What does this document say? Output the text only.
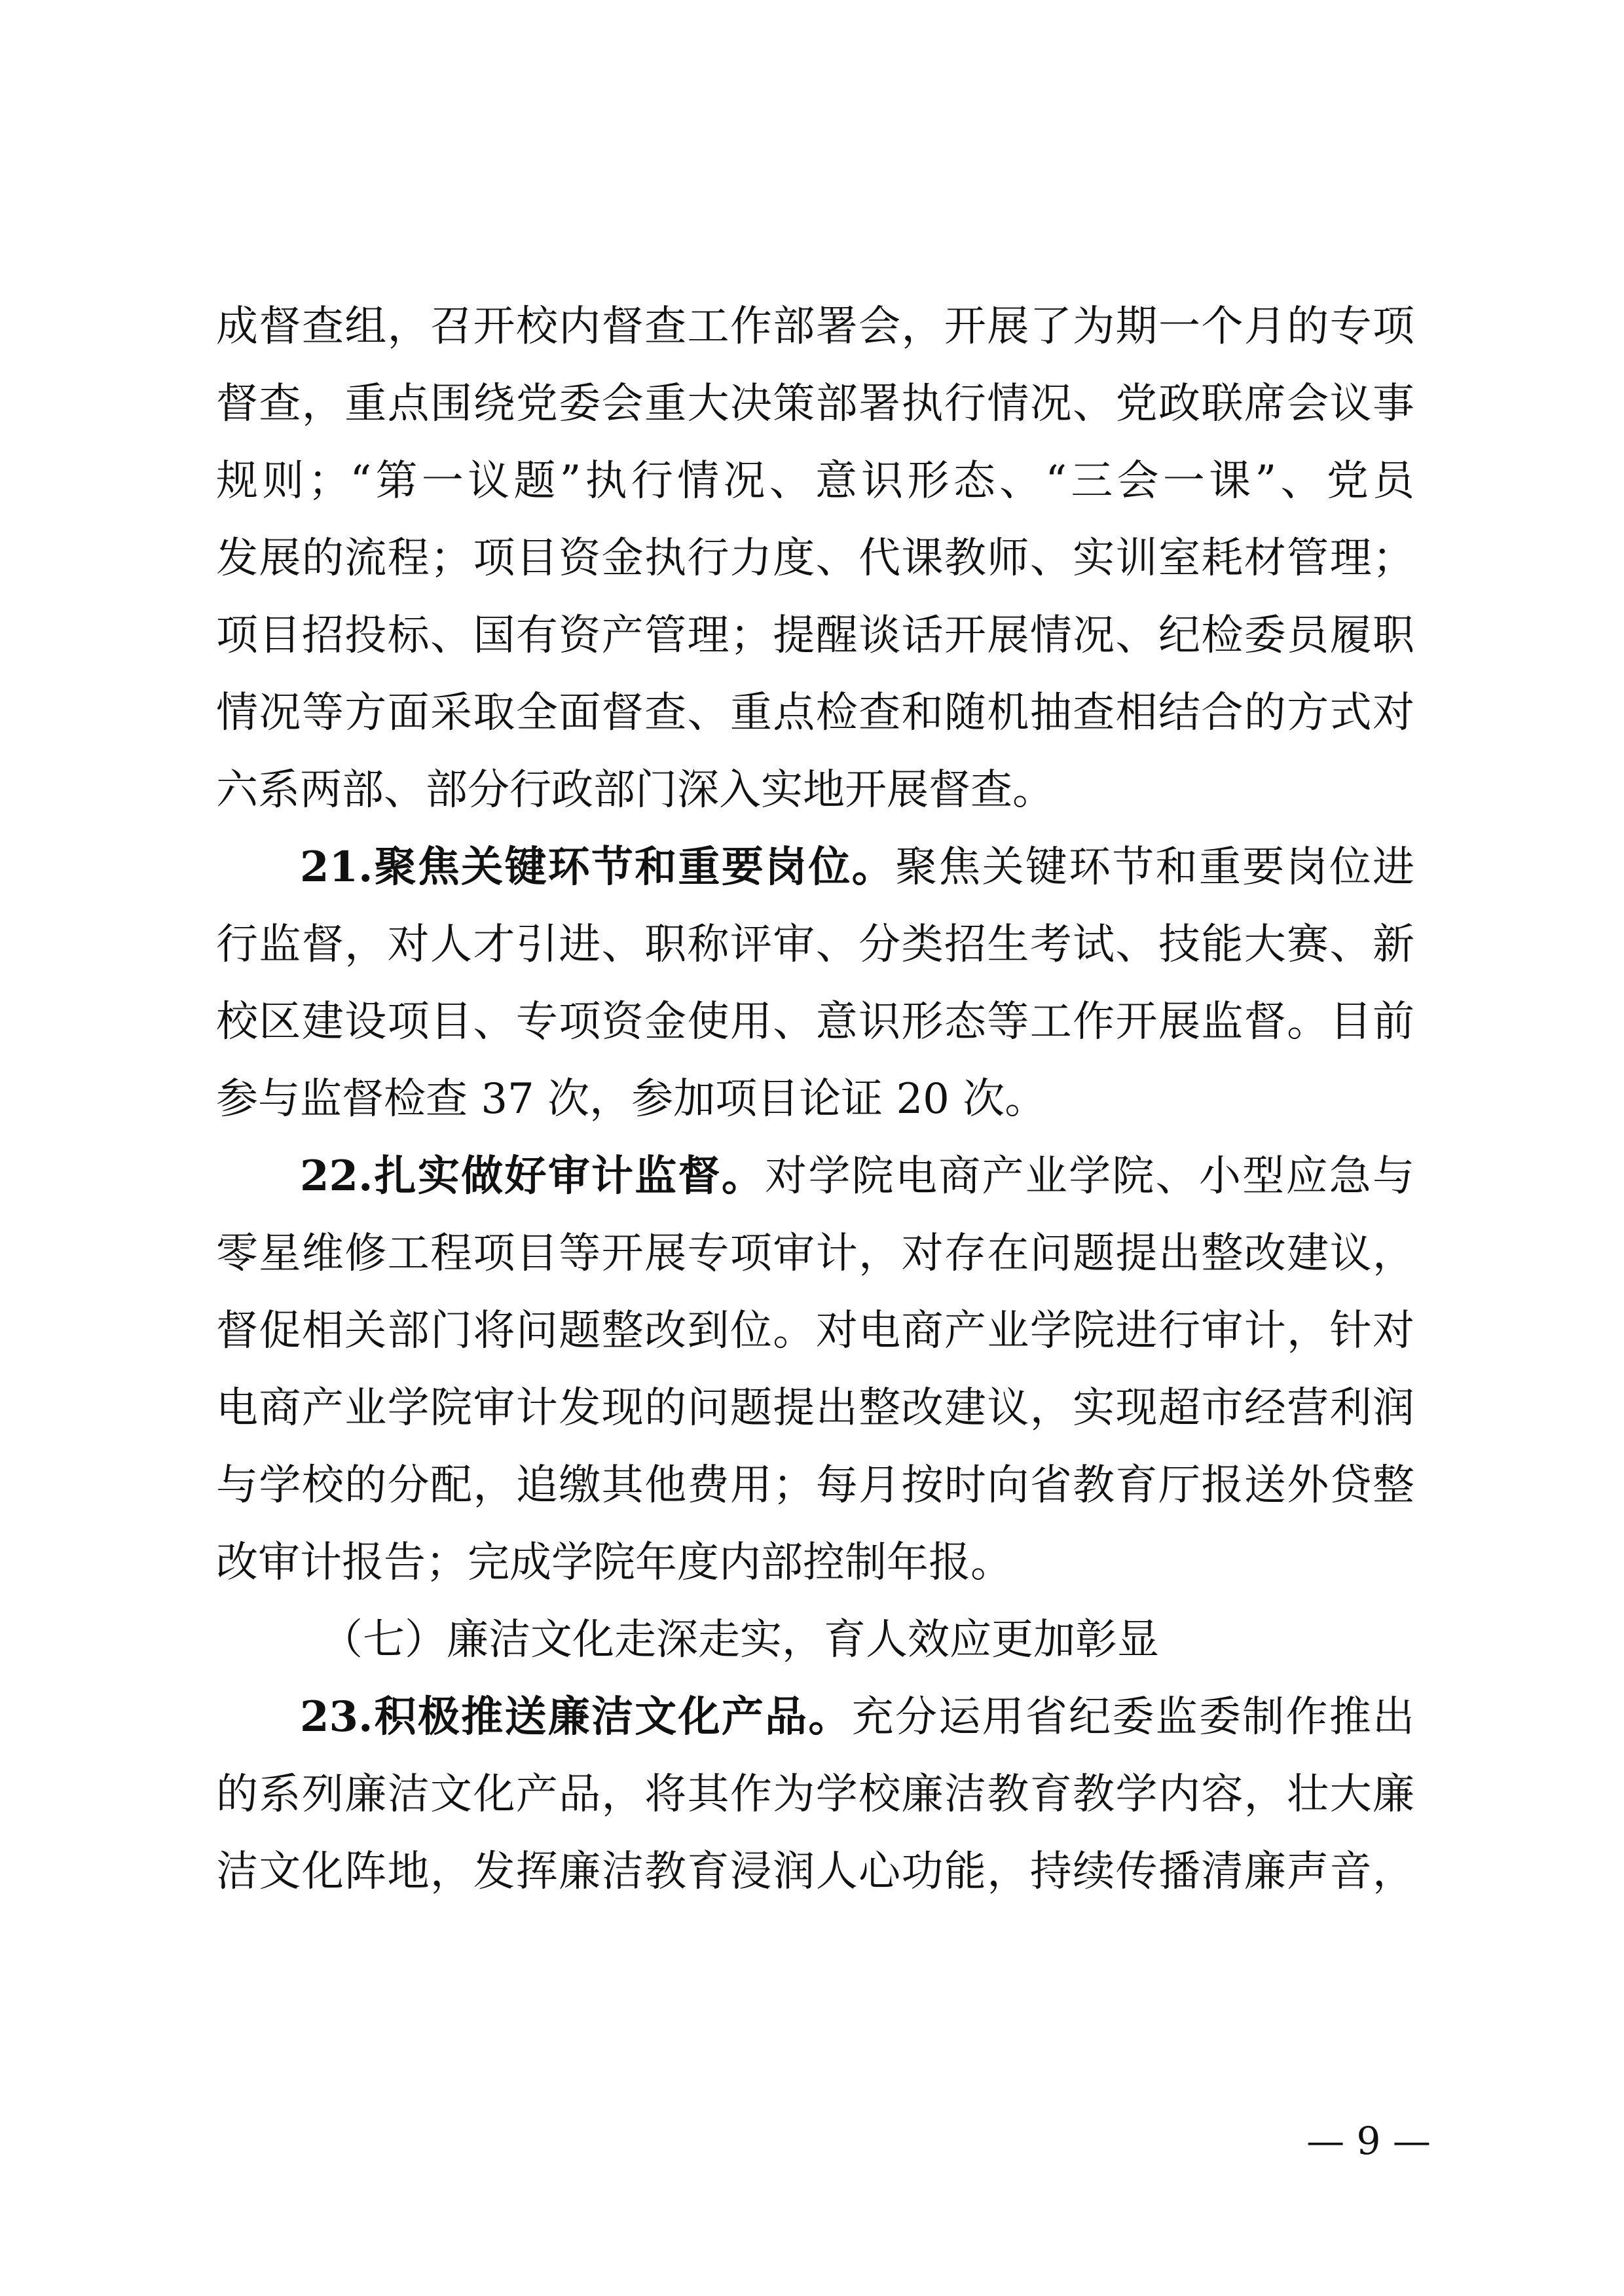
成督查组，召开校内督查工作部署会，开展了为期一个月的专项
督查，重点围绕党委会重大决策部署执行情况、党政联席会议事
规则；“第一议题”执行情况、意识形态、“三会一课”、党员
发展的流程；项目资金执行力度、代课教师、实训室耗材管理；
项目招投标、国有资产管理；提醒谈话开展情况、纪检委员履职
情况等方面采取全面督查、重点检查和随机抽查相结合的方式对
六系两部、部分行政部门深入实地开展督查。
21.聚焦关键环节和重要岗位。聚焦关键环节和重要岗位进
行监督，对人才引进、职称评审、分类招生考试、技能大赛、新
校区建设项目、专项资金使用、意识形态等工作开展监督。目前
参与监督检查 37 次，参加项目论证 20 次。
22.扎实做好审计监督。对学院电商产业学院、小型应急与
零星维修工程项目等开展专项审计，对存在问题提出整改建议，
督促相关部门将问题整改到位。对电商产业学院进行审计，针对
电商产业学院审计发现的问题提出整改建议，实现超市经营利润
与学校的分配，追缴其他费用；每月按时向省教育厅报送外贷整
改审计报告；完成学院年度内部控制年报。
（七）廉洁文化走深走实，育人效应更加彰显
23.积极推送廉洁文化产品。充分运用省纪委监委制作推出
的系列廉洁文化产品，将其作为学校廉洁教育教学内容，壮大廉
洁文化阵地，发挥廉洁教育浸润人心功能，持续传播清廉声音，
— 9 —
